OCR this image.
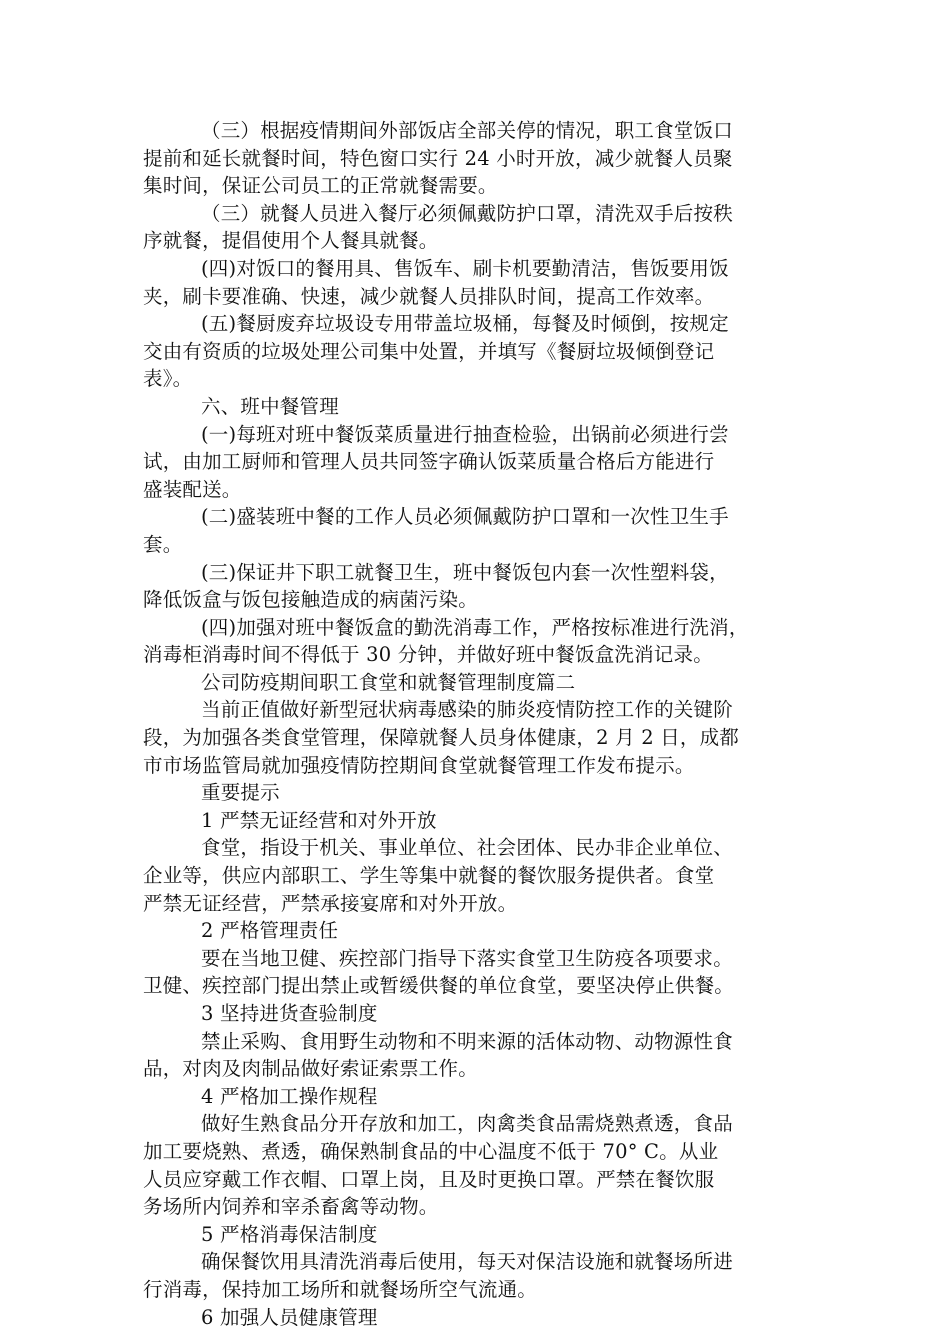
（三）根据疫情期间外部饭店全部关停的情况，职工食堂饭口
提前和延长就餐时间，特色窗口实行 24 小时开放，减少就餐人员聚
集时间，保证公司员工的正常就餐需要。
（三）就餐人员进入餐厅必须佩戴防护口罩，清洗双手后按秩
序就餐，提倡使用个人餐具就餐。
(四)对饭口的餐用具、售饭车、刷卡机要勤清洁，售饭要用饭
夹，刷卡要准确、快速，减少就餐人员排队时间，提高工作效率。
(五)餐厨废弃垃圾设专用带盖垃圾桶，每餐及时倾倒，按规定
交由有资质的垃圾处理公司集中处置，并填写《餐厨垃圾倾倒登记
表》。
六、班中餐管理
(一)每班对班中餐饭菜质量进行抽查检验，出锅前必须进行尝
试，由加工厨师和管理人员共同签字确认饭菜质量合格后方能进行
盛装配送。
(二)盛装班中餐的工作人员必须佩戴防护口罩和一次性卫生手
套。
(三)保证井下职工就餐卫生，班中餐饭包内套一次性塑料袋，
降低饭盒与饭包接触造成的病菌污染。
(四)加强对班中餐饭盒的勤洗消毒工作，严格按标准进行洗消，
消毒柜消毒时间不得低于 30 分钟，并做好班中餐饭盒洗消记录。
公司防疫期间职工食堂和就餐管理制度篇二
当前正值做好新型冠状病毒感染的肺炎疫情防控工作的关键阶
段，为加强各类食堂管理，保障就餐人员身体健康，2 月 2 日，成都
市市场监管局就加强疫情防控期间食堂就餐管理工作发布提示。
重要提示
1 严禁无证经营和对外开放
食堂，指设于机关、事业单位、社会团体、民办非企业单位、
企业等，供应内部职工、学生等集中就餐的餐饮服务提供者。食堂
严禁无证经营，严禁承接宴席和对外开放。
2 严格管理责任
要在当地卫健、疾控部门指导下落实食堂卫生防疫各项要求。
卫健、疾控部门提出禁止或暂缓供餐的单位食堂，要坚决停止供餐。
3 坚持进货查验制度
禁止采购、食用野生动物和不明来源的活体动物、动物源性食
品，对肉及肉制品做好索证索票工作。
4 严格加工操作规程
做好生熟食品分开存放和加工，肉禽类食品需烧熟煮透，食品
加工要烧熟、煮透，确保熟制食品的中心温度不低于 70° C。从业
人员应穿戴工作衣帽、口罩上岗，且及时更换口罩。严禁在餐饮服
务场所内饲养和宰杀畜禽等动物。
5 严格消毒保洁制度
确保餐饮用具清洗消毒后使用，每天对保洁设施和就餐场所进
行消毒，保持加工场所和就餐场所空气流通。
6 加强人员健康管理
